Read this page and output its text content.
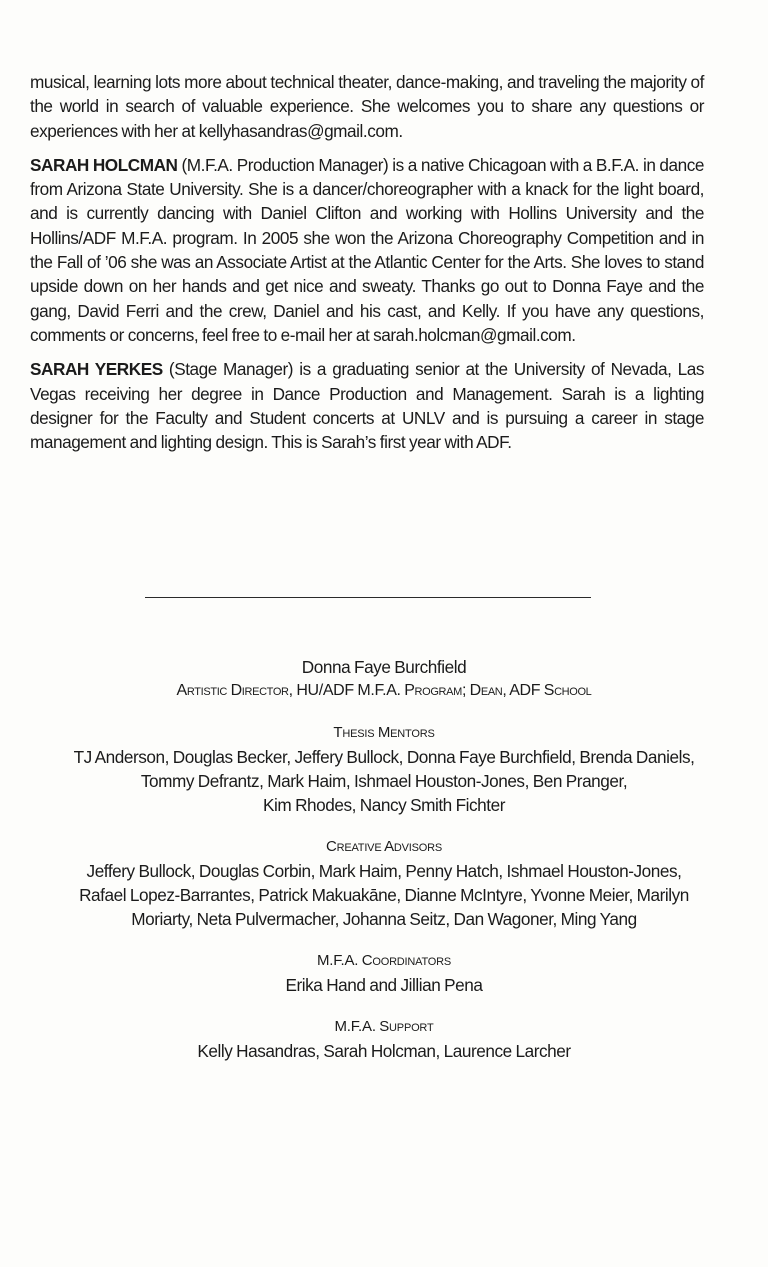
musical, learning lots more about technical theater, dance-making, and traveling the majority of the world in search of valuable experience. She welcomes you to share any questions or experiences with her at kellyhasandras@gmail.com.

SARAH HOLCMAN (M.F.A. Production Manager) is a native Chicagoan with a B.F.A. in dance from Arizona State University. She is a dancer/choreographer with a knack for the light board, and is currently dancing with Daniel Clifton and working with Hollins University and the Hollins/ADF M.F.A. program. In 2005 she won the Arizona Choreography Competition and in the Fall of ’06 she was an Associate Artist at the Atlantic Center for the Arts. She loves to stand upside down on her hands and get nice and sweaty. Thanks go out to Donna Faye and the gang, David Ferri and the crew, Daniel and his cast, and Kelly. If you have any questions, comments or concerns, feel free to e-mail her at sarah.holcman@gmail.com.

SARAH YERKES (Stage Manager) is a graduating senior at the University of Nevada, Las Vegas receiving her degree in Dance Production and Management. Sarah is a lighting designer for the Faculty and Student concerts at UNLV and is pursuing a career in stage management and lighting design. This is Sarah’s first year with ADF.

Donna Faye Burchfield
Artistic Director, HU/ADF M.F.A. Program; Dean, ADF School
Thesis Mentors
TJ Anderson, Douglas Becker, Jeffery Bullock, Donna Faye Burchfield, Brenda Daniels,
Tommy Defrantz, Mark Haim, Ishmael Houston-Jones, Ben Pranger,
Kim Rhodes, Nancy Smith Fichter
Creative Advisors
Jeffery Bullock, Douglas Corbin, Mark Haim, Penny Hatch, Ishmael Houston-Jones,
Rafael Lopez-Barrantes, Patrick Makuakāne, Dianne McIntyre, Yvonne Meier, Marilyn
Moriarty, Neta Pulvermacher, Johanna Seitz, Dan Wagoner, Ming Yang
M.F.A. Coordinators
Erika Hand and Jillian Pena
M.F.A. Support
Kelly Hasandras, Sarah Holcman, Laurence Larcher
